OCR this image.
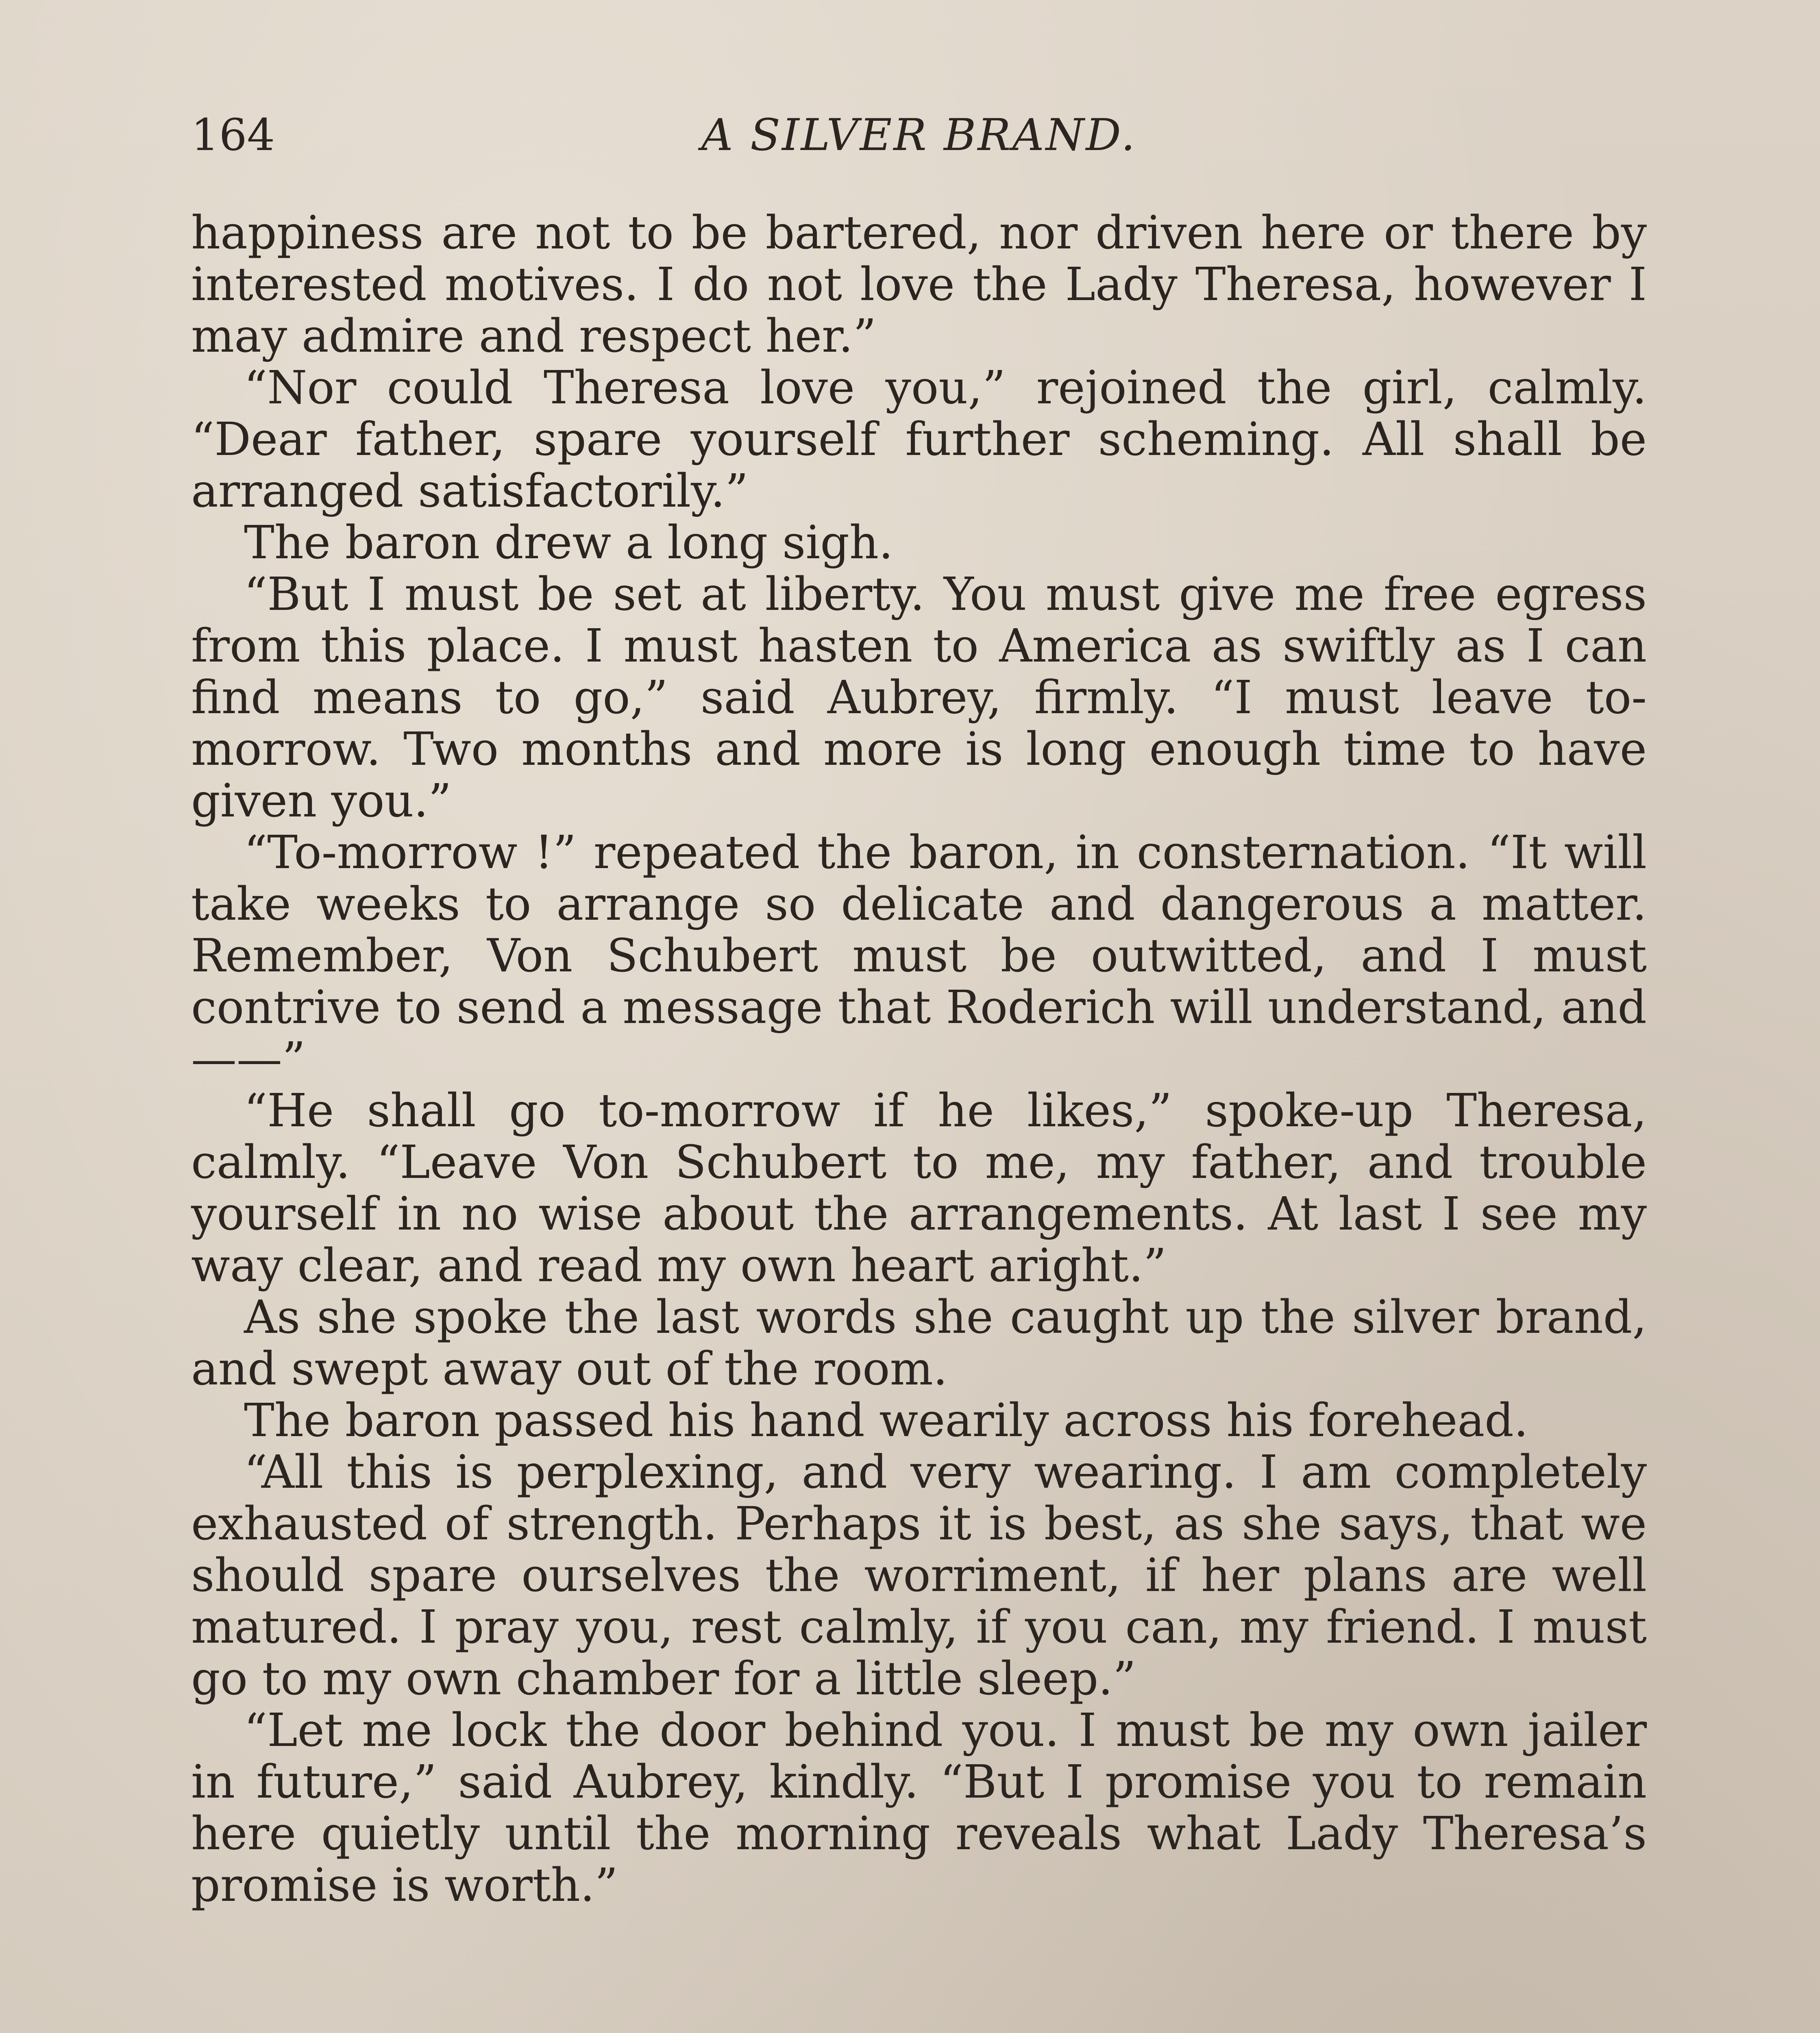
164	A SILVER BRAND.

happiness are not to be bartered, nor driven here or there by interested motives. I do not love the Lady Theresa, however I may admire and respect her.”

“Nor could Theresa love you,” rejoined the girl, calmly. “Dear father, spare yourself further scheming. All shall be arranged satisfactorily.”

The baron drew a long sigh.

“But I must be set at liberty. You must give me free egress from this place. I must hasten to America as swiftly as I can find means to go,” said Aubrey, firmly. “I must leave to-morrow. Two months and more is long enough time to have given you.”

“To-morrow !” repeated the baron, in consternation. “It will take weeks to arrange so delicate and dangerous a matter. Remember, Von Schubert must be outwitted, and I must contrive to send a message that Roderich will understand, and——”

“He shall go to-morrow if he likes,” spoke-up Theresa, calmly. “Leave Von Schubert to me, my father, and trouble yourself in no wise about the arrangements. At last I see my way clear, and read my own heart aright.”

As she spoke the last words she caught up the silver brand, and swept away out of the room.

The baron passed his hand wearily across his forehead.

“All this is perplexing, and very wearing. I am completely exhausted of strength. Perhaps it is best, as she says, that we should spare ourselves the worriment, if her plans are well matured. I pray you, rest calmly, if you can, my friend. I must go to my own chamber for a little sleep.”

“Let me lock the door behind you. I must be my own jailer in future,” said Aubrey, kindly. “But I promise you to remain here quietly until the morning reveals what Lady Theresa’s promise is worth.”
